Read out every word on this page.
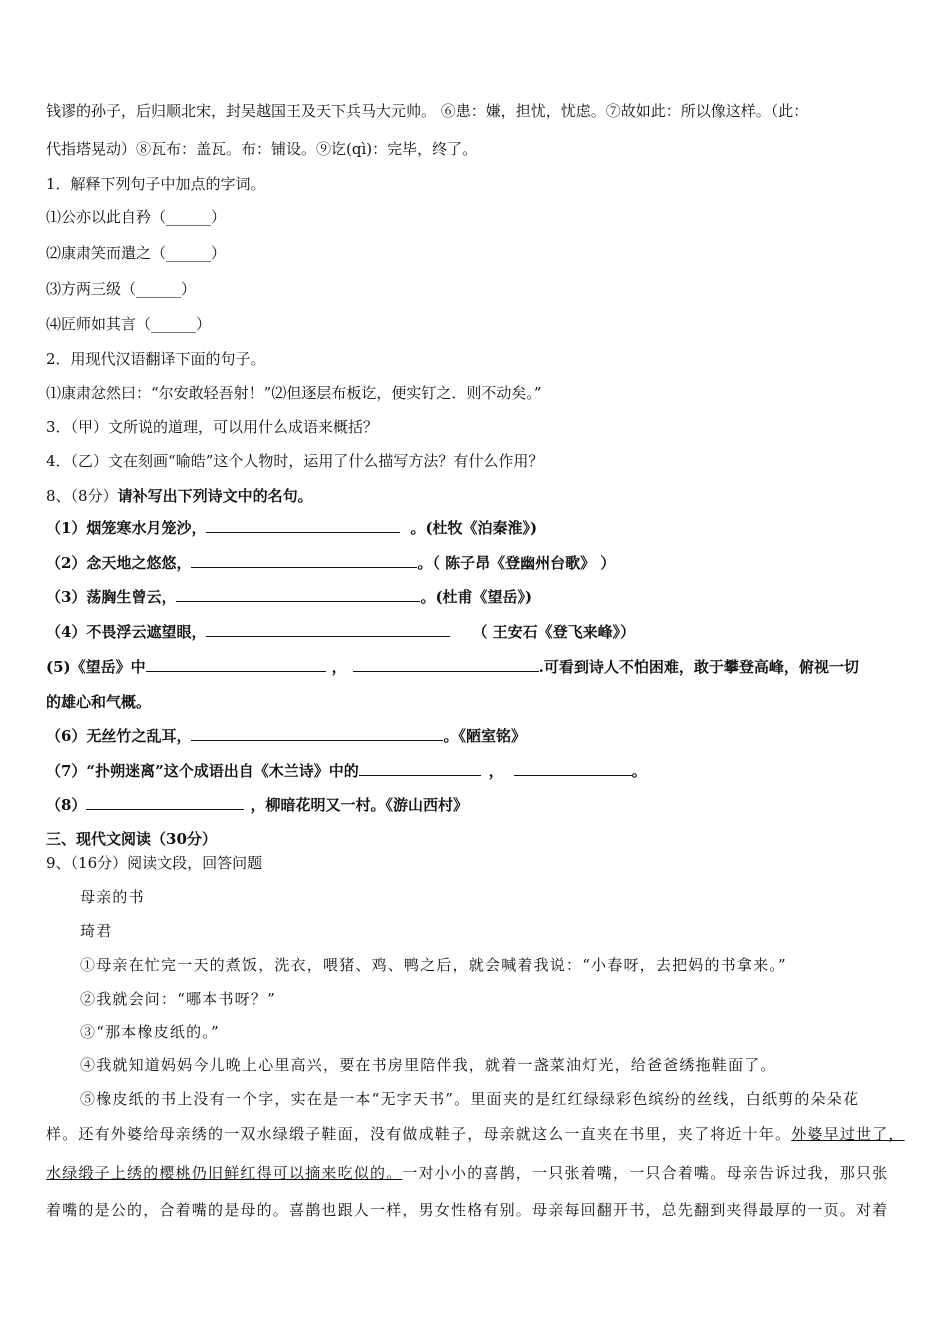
钱谬的孙子，后归顺北宋，封吴越国王及天下兵马大元帅。 ⑥患：嫌，担忧，忧虑。⑦故如此：所以像这样。（此：
代指塔晃动）⑧瓦布：盖瓦。布：铺设。⑨讫(qì)：完毕，终了。
1．解释下列句子中加点的字词。
⑴公亦以此自矜（______）
⑵康肃笑而遣之（______）
⑶方两三级（______）
⑷匠师如其言（______）
2．用现代汉语翻译下面的句子。
⑴康肃忿然曰：“尔安敢轻吾射！”⑵但逐层布板讫，便实钉之．则不动矣。”
3．（甲）文所说的道理，可以用什么成语来概括？
4．（乙）文在刻画“喻皓”这个人物时，运用了什么描写方法？有什么作用？
8、（8分）请补写出下列诗文中的名句。
（1）烟笼寒水月笼沙，	。(杜牧《泊秦淮》)
（2）念天地之悠悠，	。（ 陈子昂《登幽州台歌》 ）
（3）荡胸生曾云，	。(杜甫《望岳》)
（4）不畏浮云遮望眼，	（ 王安石《登飞来峰》）
(5)《望岳》中	，	.可看到诗人不怕困难，敢于攀登高峰，俯视一切
的雄心和气概。
（6）无丝竹之乱耳，	。《陋室铭》
（7）“扑朔迷离”这个成语出自《木兰诗》中的	，	。
（8）	，柳暗花明又一村。《游山西村》
三、现代文阅读（30分）
9、（16分）阅读文段，回答问题
母亲的书
琦君
①母亲在忙完一天的煮饭，洗衣，喂猪、鸡、鸭之后，就会喊着我说：“小春呀，去把妈的书拿来。”
②我就会问：“哪本书呀？”
③“那本橡皮纸的。”
④我就知道妈妈今儿晚上心里高兴，要在书房里陪伴我，就着一盏菜油灯光，给爸爸绣拖鞋面了。
⑤橡皮纸的书上没有一个字，实在是一本“无字天书”。里面夹的是红红绿绿彩色缤纷的丝线，白纸剪的朵朵花
样。还有外婆给母亲绣的一双水绿缎子鞋面，没有做成鞋子，母亲就这么一直夹在书里，夹了将近十年。外婆早过世了，
水绿缎子上绣的樱桃仍旧鲜红得可以摘来吃似的。一对小小的喜鹊，一只张着嘴，一只合着嘴。母亲告诉过我，那只张
着嘴的是公的，合着嘴的是母的。喜鹊也跟人一样，男女性格有别。母亲每回翻开书，总先翻到夹得最厚的一页。对着
